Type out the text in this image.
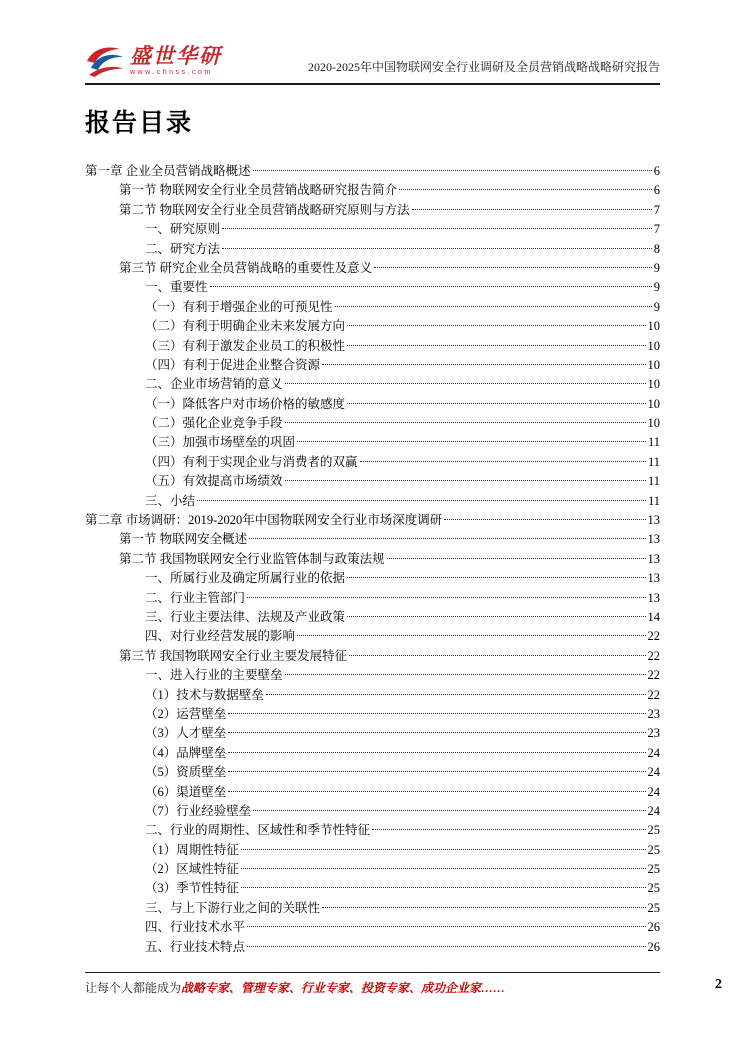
盛世华研
www.chnss.com	2020-2025年中国物联网安全行业调研及全员营销战略战略研究报告
报告目录
第一章 企业全员营销战略概述	6
第一节 物联网安全行业全员营销战略研究报告简介	6
第二节 物联网安全行业全员营销战略研究原则与方法	7
一、研究原则	7
二、研究方法	8
第三节 研究企业全员营销战略的重要性及意义	9
一、重要性	9
（一）有利于增强企业的可预见性	9
（二）有利于明确企业未来发展方向	10
（三）有利于激发企业员工的积极性	10
（四）有利于促进企业整合资源	10
二、企业市场营销的意义	10
（一）降低客户对市场价格的敏感度	10
（二）强化企业竞争手段	10
（三）加强市场壁垒的巩固	11
（四）有利于实现企业与消费者的双赢	11
（五）有效提高市场绩效	11
三、小结	11
第二章 市场调研：2019-2020年中国物联网安全行业市场深度调研	13
第一节 物联网安全概述	13
第二节 我国物联网安全行业监管体制与政策法规	13
一、所属行业及确定所属行业的依据	13
二、行业主管部门	13
三、行业主要法律、法规及产业政策	14
四、对行业经营发展的影响	22
第三节 我国物联网安全行业主要发展特征	22
一、进入行业的主要壁垒	22
（1）技术与数据壁垒	22
（2）运营壁垒	23
（3）人才壁垒	23
（4）品牌壁垒	24
（5）资质壁垒	24
（6）渠道壁垒	24
（7）行业经验壁垒	24
二、行业的周期性、区域性和季节性特征	25
（1）周期性特征	25
（2）区域性特征	25
（3）季节性特征	25
三、与上下游行业之间的关联性	25
四、行业技术水平	26
五、行业技术特点	26
让每个人都能成为战略专家、管理专家、行业专家、投资专家、成功企业家……	2
